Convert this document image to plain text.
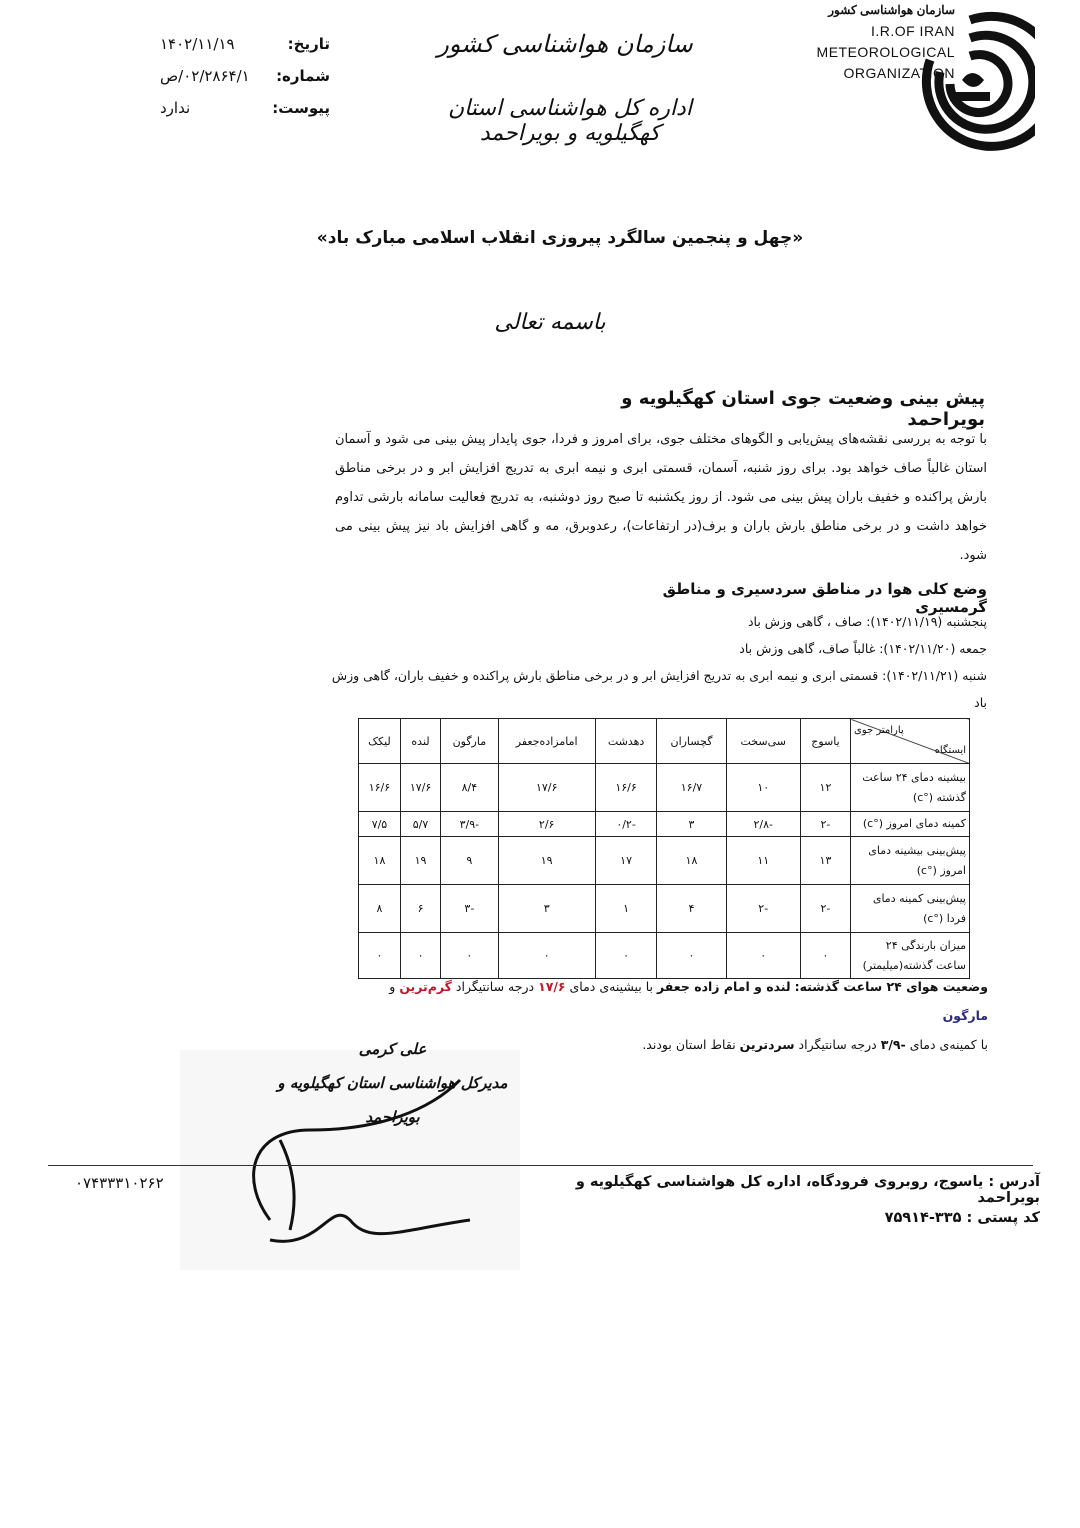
تاریخ:
۱۴۰۲/۱۱/۱۹
شماره:
۰۲/۲۸۶۴/۱/ص
پیوست:
ندارد
سازمان هواشناسی کشور
اداره کل هواشناسی استان کهگیلویه و بویراحمد
سازمان هواشناسی کشور
I.R.OF IRAN
METEOROLOGICAL
ORGANIZATION
«چهل و پنجمین سالگرد پیروزی انقلاب اسلامی مبارک باد»
باسمه تعالی
پیش بینی وضعیت جوی استان کهگیلویه و بویراحمد
با توجه به بررسی نقشه‌های پیش‌یابی و الگوهای مختلف جوی، برای امروز و فردا، جوی پایدار پیش بینی می شود و آسمان استان غالباً صاف خواهد بود. برای روز شنبه، آسمان، قسمتی ابری و نیمه ابری به تدریج افزایش ابر و در برخی مناطق بارش پراکنده و خفیف باران پیش بینی می شود. از روز یکشنبه تا صبح روز دوشنبه، به تدریج فعالیت سامانه بارشی تداوم خواهد داشت و در برخی مناطق بارش باران و برف(در ارتفاعات)، رعدوبرق، مه و گاهی افزایش باد نیز پیش بینی می شود.
وضع کلی هوا در مناطق سردسیری و مناطق گرمسیری
پنجشنبه (۱۴۰۲/۱۱/۱۹): صاف ، گاهی وزش باد
جمعه (۱۴۰۲/۱۱/۲۰): غالباً صاف، گاهی وزش باد
شنبه (۱۴۰۲/۱۱/۲۱): قسمتی ابری و نیمه ابری به تدریج افزایش ابر و در برخی مناطق بارش پراکنده و خفیف باران، گاهی وزش باد
پارامتر جوی
ایستگاه	یاسوج	سی‌سخت	گچساران	دهدشت	امامزاده‌جعفر	مارگون	لنده	لیکک
بیشینه دمای ۲۴ ساعت گذشته (°c)	۱۲	۱۰	۱۶/۷	۱۶/۶	۱۷/۶	۸/۴	۱۷/۶	۱۶/۶
کمینه دمای امروز (°c)	-۲	-۲/۸	۳	-۰/۲	۲/۶	-۳/۹	۵/۷	۷/۵
پیش‌بینی بیشینه دمای امروز (°c)	۱۳	۱۱	۱۸	۱۷	۱۹	۹	۱۹	۱۸
پیش‌بینی کمینه دمای فردا (°c)	-۲	-۲	۴	۱	۳	-۳	۶	۸
میزان بارندگی ۲۴ ساعت گذشته(میلیمتر)	۰	۰	۰	۰	۰	۰	۰	۰
وضعیت هوای ۲۴ ساعت گذشته: لنده و امام زاده جعفر با بیشینه‌ی دمای ۱۷/۶ درجه سانتیگراد گرم‌ترین و مارگون
با کمینه‌ی دمای -۳/۹ درجه سانتیگراد سردترین نقاط استان بودند.
علی کرمی
مدیرکل هواشناسی استان کهگیلویه و بویراحمد
۰۷۴۳۳۳۱۰۲۶۲	آدرس : یاسوج، روبروی فرودگاه، اداره کل هواشناسی کهگیلویه و بویراحمد
کد پستی : ۳۳۵-۷۵۹۱۴
